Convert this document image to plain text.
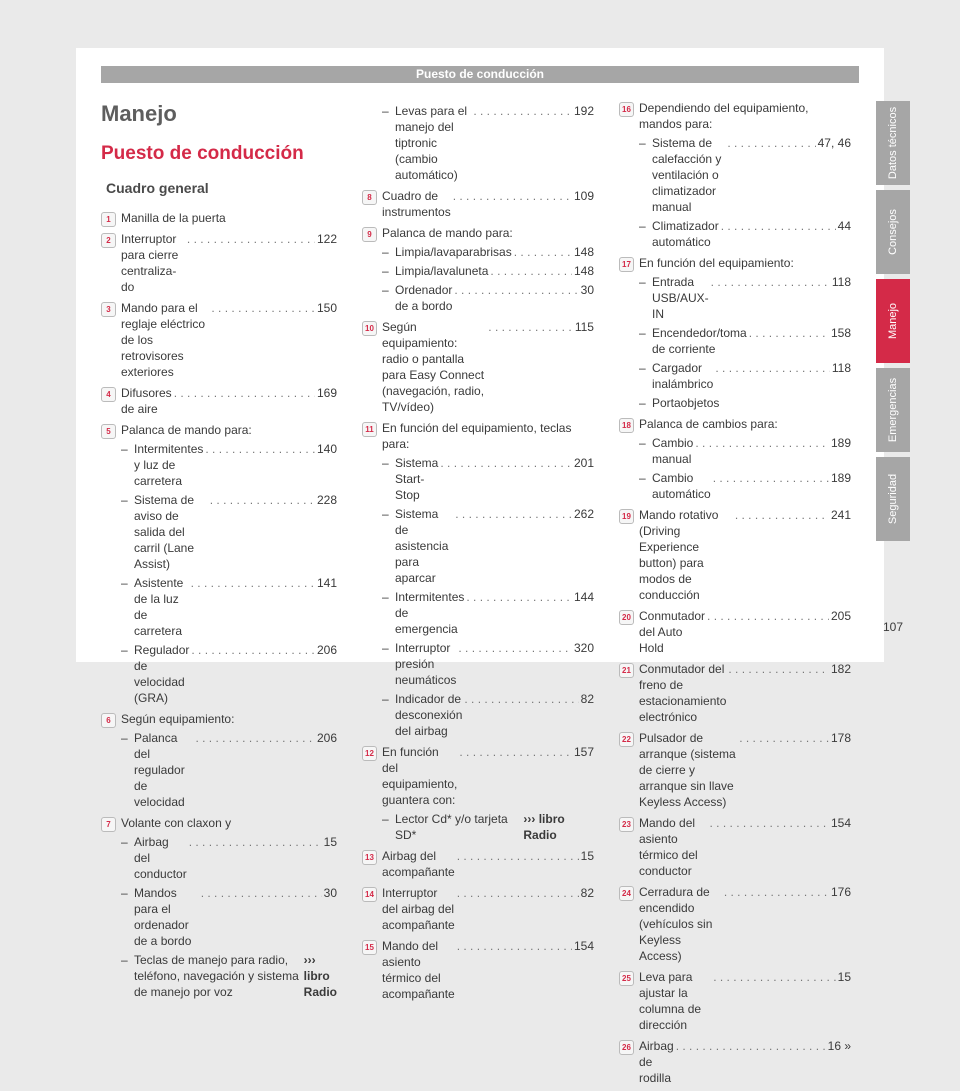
Puesto de conducción
Manejo
Puesto de conducción
Cuadro general
1 Manilla de la puerta
2 Interruptor para cierre centraliza-do
. . .
122
3 Mando para el reglaje eléctrico de los retrovisores exteriores
. . .
150
4 Difusores de aire
. . .
169
5 Palanca de mando para:
– Intermitentes y luz de carretera
. . .
140
– Sistema de aviso de salida del carril (Lane Assist)
. . .
228
– Asistente de la luz de carretera
. . .
141
– Regulador de velocidad (GRA)
. . .
206
6 Según equipamiento:
– Palanca del regulador de velocidad
. . .
206
7 Volante con claxon y
– Airbag del conductor
. . .
15
– Mandos para el ordenador de a bordo
. . .
30
– Teclas de manejo para radio, teléfono, navegación y sistema de manejo por voz
››› libro Radio
– Levas para el manejo del tiptronic (cambio automático)
. . .
192
8 Cuadro de instrumentos
. . .
109
9 Palanca de mando para:
– Limpia/lavaparabrisas . . .	148
– Limpia/lavaluneta . . .	148
– Ordenador de a bordo
. . .
30
10 Según equipamiento: radio o pantalla para Easy Connect (navegación, radio, TV/vídeo)
. . .
115
11 En función del equipamiento, teclas para:
– Sistema Start-Stop
. . .
201
– Sistema de asistencia para aparcar
. . .
262
– Intermitentes de emergencia
. . .
144
– Interruptor presión neumáticos
. . .
320
– Indicador de desconexión del airbag
. . .
82
12 En función del equipamiento, guantera con:
. . .
157
– Lector Cd* y/o tarjeta SD*
››› libro Radio
13 Airbag del acompañante
. . .
15
14 Interruptor del airbag del acompañante
. . .
82
15 Mando del asiento térmico del acompañante
. . .
154
16 Dependiendo del equipamiento, mandos para:
– Sistema de calefacción y ventilación o climatizador manual
. . .
47, 46
– Climatizador automático
. . .
44
17 En función del equipamiento:
– Entrada USB/AUX-IN
. . .
118
– Encendedor/toma de corriente
. . .
158
– Cargador inalámbrico
. . .
118
– Portaobjetos
18 Palanca de cambios para:
– Cambio manual
. . .
189
– Cambio automático
. . .
189
19 Mando rotativo (Driving Experience button) para modos de conducción
. . .
241
20 Conmutador del Auto Hold
. . .
205
21 Conmutador del freno de estacionamiento electrónico
. . .
182
22 Pulsador de arranque (sistema de cierre y arranque sin llave Keyless Access)
. . .
178
23 Mando del asiento térmico del conductor
. . .
154
24 Cerradura de encendido (vehículos sin Keyless Access)
. . .
176
25 Leva para ajustar la columna de dirección
. . .
15
26 Airbag de rodilla
. . .
16 »
Datos técnicos
Consejos
Manejo
Emergencias
Seguridad
107
